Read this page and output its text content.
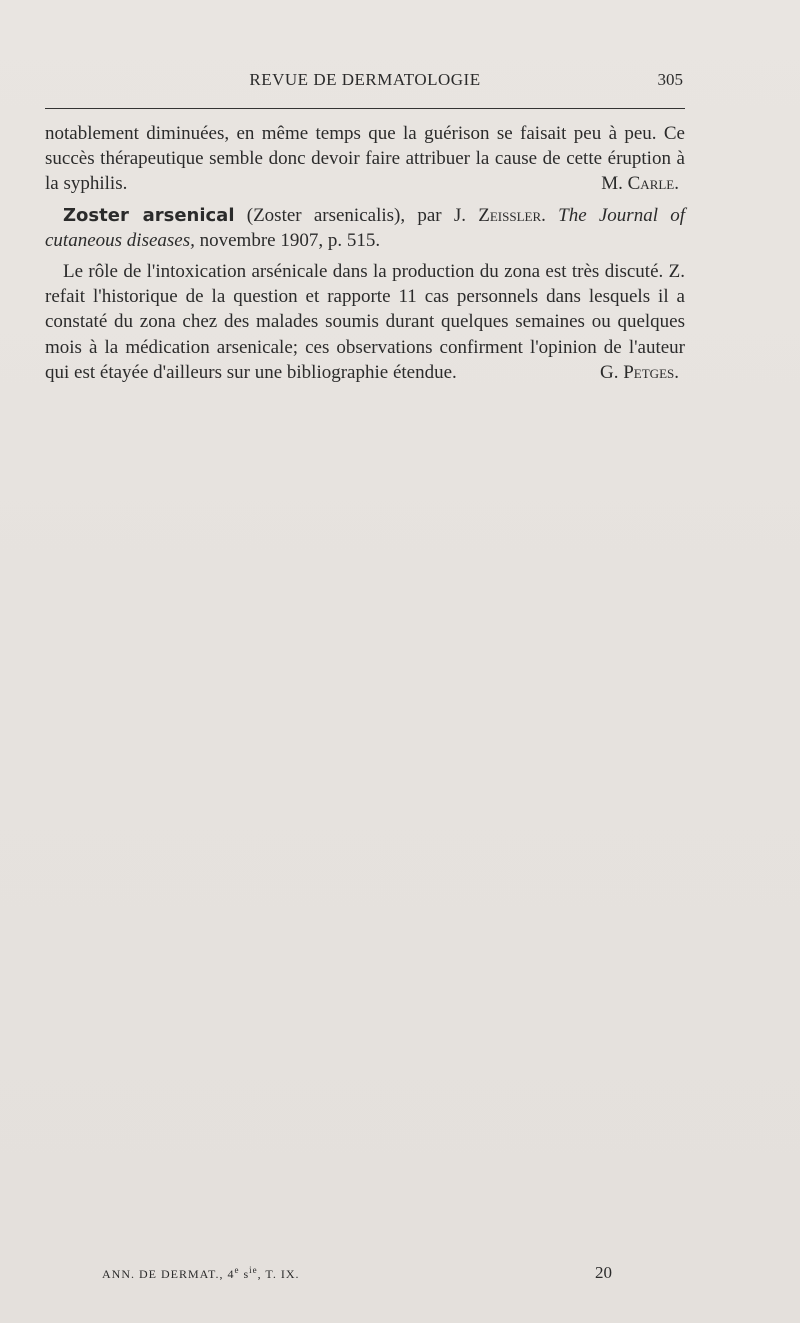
REVUE DE DERMATOLOGIE	305

notablement diminuées, en même temps que la guérison se faisait peu à peu. Ce succès thérapeutique semble donc devoir faire attribuer la cause de cette éruption à la syphilis.	M. Carle.

Zoster arsenical (Zoster arsenicalis), par J. Zeissler. The Journal of cutaneous diseases, novembre 1907, p. 515.

Le rôle de l'intoxication arsénicale dans la production du zona est très discuté. Z. refait l'historique de la question et rapporte 11 cas personnels dans lesquels il a constaté du zona chez des malades soumis durant quelques semaines ou quelques mois à la médication arsenicale; ces observations confirment l'opinion de l'auteur qui est étayée d'ailleurs sur une bibliographie étendue.	G. Petges.

ANN. DE DERMAT., 4e $s^{ie}$, T. IX.	20
